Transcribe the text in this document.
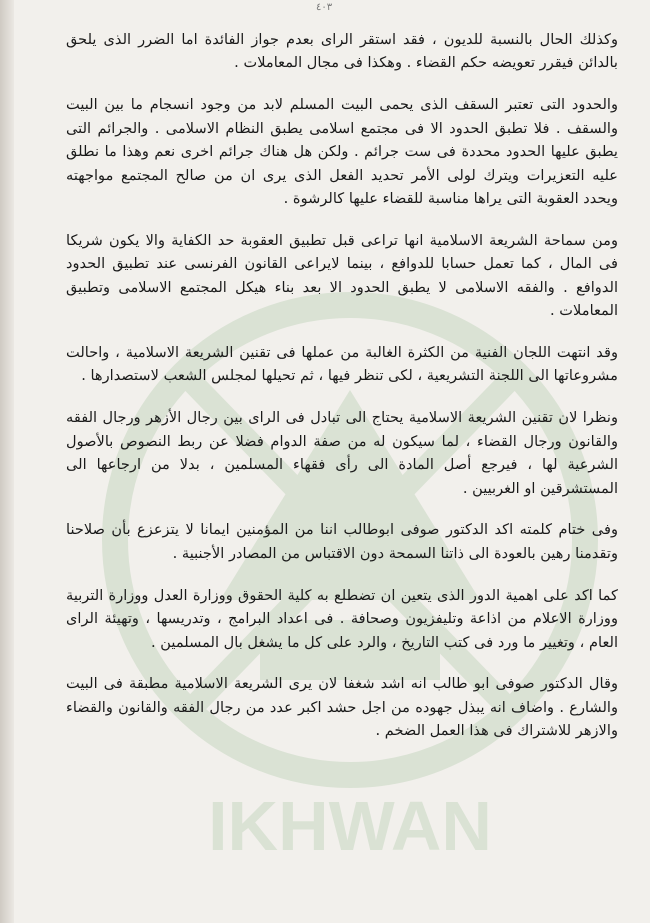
IKHWAN
٤٠٣

وكذلك الحال بالنسبة للديون ، فقد استقر الراى بعدم جواز الفائدة اما الضرر الذى يلحق بالدائن فيقرر تعويضه حكم القضاء . وهكذا فى مجال المعاملات .

والحدود التى تعتبر السقف الذى يحمى البيت المسلم لابد من وجود انسجام ما بين البيت والسقف . فلا تطبق الحدود الا فى مجتمع اسلامى يطبق النظام الاسلامى . والجرائم التى يطبق عليها الحدود محددة فى ست جرائم . ولكن هل هناك جرائم اخرى نعم وهذا ما نطلق عليه التعزيرات ويترك لولى الأمر تحديد الفعل الذى يرى ان من صالح المجتمع مواجهته ويحدد العقوبة التى يراها مناسبة للقضاء عليها كالرشوة .

ومن سماحة الشريعة الاسلامية انها تراعى قبل تطبيق العقوبة حد الكفاية والا يكون شريكا فى المال ، كما تعمل حسابا للدوافع ، بينما لايراعى القانون الفرنسى عند تطبيق الحدود الدوافع . والفقه الاسلامى لا يطبق الحدود الا بعد بناء هيكل المجتمع الاسلامى وتطبيق المعاملات .

وقد انتهت اللجان الفنية من الكثرة الغالبة من عملها فى تقنين الشريعة الاسلامية ، واحالت مشروعاتها الى اللجنة التشريعية ، لكى تنظر فيها ، ثم تحيلها لمجلس الشعب لاستصدارها .

ونظرا لان تقنين الشريعة الاسلامية يحتاج الى تبادل فى الراى بين رجال الأزهر ورجال الفقه والقانون ورجال القضاء ، لما سيكون له من صفة الدوام فضلا عن ربط النصوص بالأصول الشرعية لها ، فيرجع أصل المادة الى رأى فقهاء المسلمين ، بدلا من ارجاعها الى المستشرقين او الغربيين .

وفى ختام كلمته اكد الدكتور صوفى ابوطالب اننا من المؤمنين ايمانا لا يتزعزع بأن صلاحنا وتقدمنا رهين بالعودة الى ذاتنا السمحة دون الاقتباس من المصادر الأجنبية .

كما اكد على اهمية الدور الذى يتعين ان تضطلع به كلية الحقوق ووزارة العدل ووزارة التربية ووزارة الاعلام من اذاعة وتليفزيون وصحافة . فى اعداد البرامج ، وتدريسها ، وتهيئة الراى العام ، وتغيير ما ورد فى كتب التاريخ ، والرد على كل ما يشغل بال المسلمين .

وقال الدكتور صوفى ابو طالب انه اشد شغفا لان يرى الشريعة الاسلامية مطبقة فى البيت والشارع . واضاف انه يبذل جهوده من اجل حشد اكبر عدد من رجال الفقه والقانون والقضاء والازهر للاشتراك فى هذا العمل الضخم .
